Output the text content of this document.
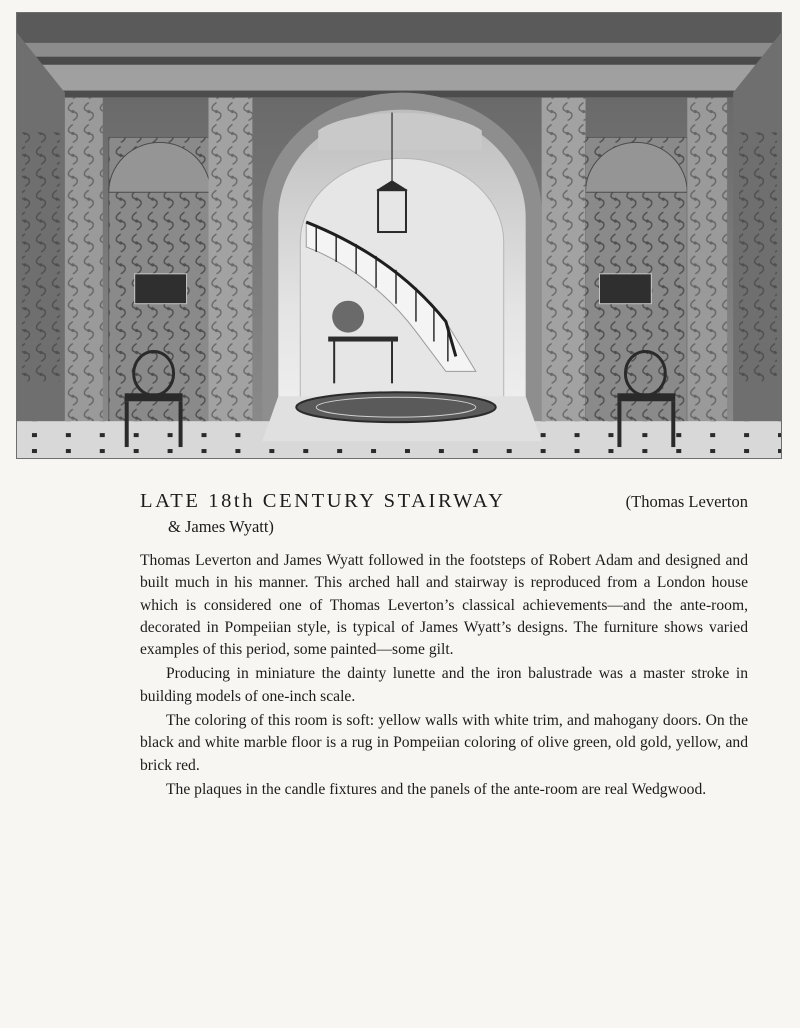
LATE 18th CENTURY STAIRWAY	(Thomas Leverton
& James Wyatt)

Thomas Leverton and James Wyatt followed in the footsteps of Robert Adam and designed and built much in his manner. This arched hall and stairway is reproduced from a London house which is considered one of Thomas Leverton’s classical achievements—and the ante-room, decorated in Pompeiian style, is typical of James Wyatt’s designs. The furniture shows varied examples of this period, some painted—some gilt.

Producing in miniature the dainty lunette and the iron balustrade was a master stroke in building models of one-inch scale.

The coloring of this room is soft: yellow walls with white trim, and mahogany doors. On the black and white marble floor is a rug in Pompeiian coloring of olive green, old gold, yellow, and brick red.

The plaques in the candle fixtures and the panels of the ante-room are real Wedgwood.
